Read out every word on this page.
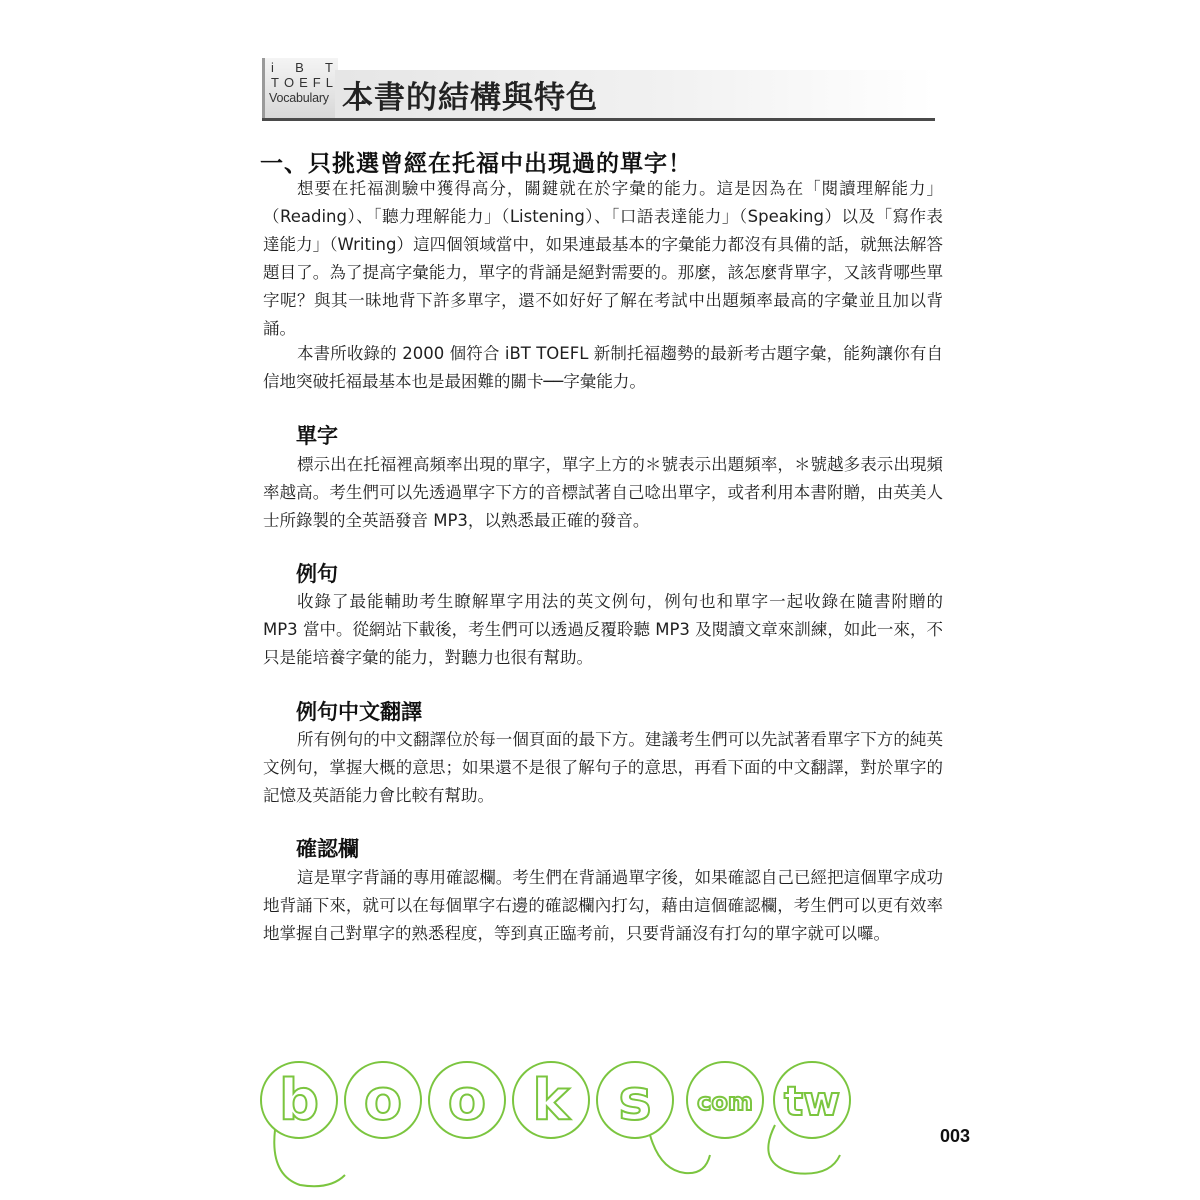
i B T
T O E F L
Vocabulary 本書的結構與特色
一、只挑選曾經在托福中出現過的單字！

想要在托福測驗中獲得高分，關鍵就在於字彙的能力。這是因為在「閱讀理解能力」（Reading）、「聽力理解能力」（Listening）、「口語表達能力」（Speaking）以及「寫作表達能力」（Writing）這四個領域當中，如果連最基本的字彙能力都沒有具備的話，就無法解答題目了。為了提高字彙能力，單字的背誦是絕對需要的。那麼，該怎麼背單字，又該背哪些單字呢？與其一昧地背下許多單字，還不如好好了解在考試中出題頻率最高的字彙並且加以背誦。

本書所收錄的 2000 個符合 iBT TOEFL 新制托福趨勢的最新考古題字彙，能夠讓你有自信地突破托福最基本也是最困難的關卡──字彙能力。

單字

標示出在托福裡高頻率出現的單字，單字上方的＊號表示出題頻率，＊號越多表示出現頻率越高。考生們可以先透過單字下方的音標試著自己唸出單字，或者利用本書附贈，由英美人士所錄製的全英語發音 MP3，以熟悉最正確的發音。

例句

收錄了最能輔助考生瞭解單字用法的英文例句，例句也和單字一起收錄在隨書附贈的 MP3 當中。從網站下載後，考生們可以透過反覆聆聽 MP3 及閱讀文章來訓練，如此一來，不只是能培養字彙的能力，對聽力也很有幫助。

例句中文翻譯

所有例句的中文翻譯位於每一個頁面的最下方。建議考生們可以先試著看單字下方的純英文例句，掌握大概的意思；如果還不是很了解句子的意思，再看下面的中文翻譯，對於單字的記憶及英語能力會比較有幫助。

確認欄

這是單字背誦的專用確認欄。考生們在背誦過單字後，如果確認自己已經把這個單字成功地背誦下來，就可以在每個單字右邊的確認欄內打勾，藉由這個確認欄，考生們可以更有效率地掌握自己對單字的熟悉程度，等到真正臨考前，只要背誦沒有打勾的單字就可以囉。

b o o k s com tw
003
